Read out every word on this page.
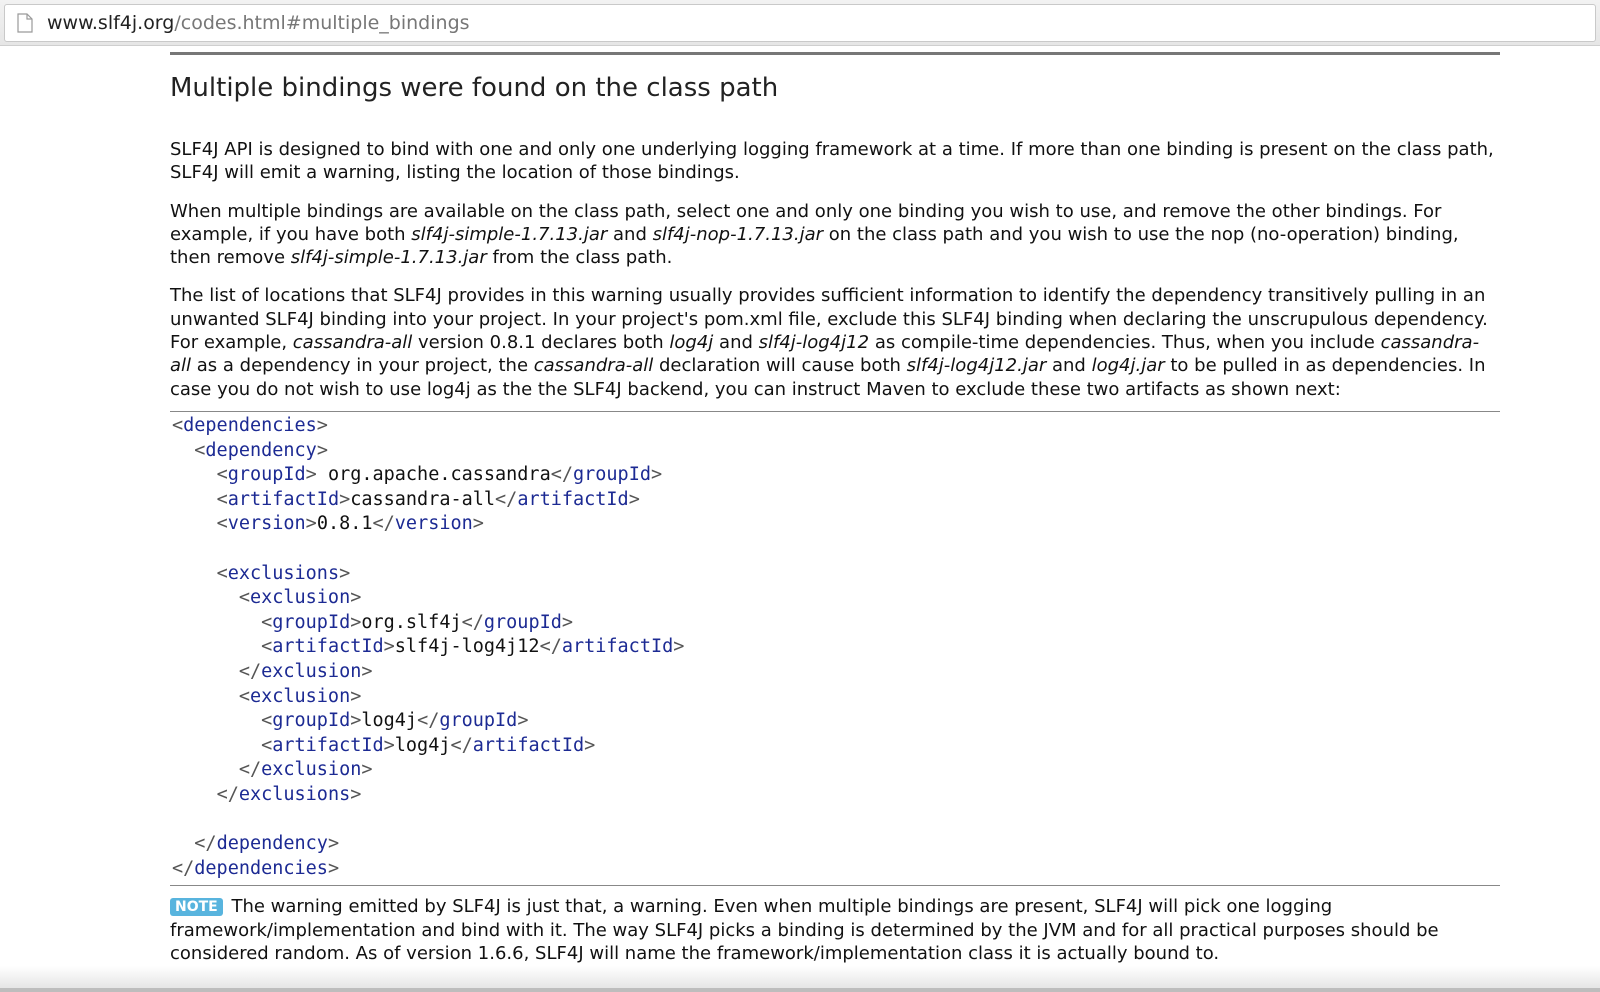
www.slf4j.org/codes.html#multiple_bindings
Multiple bindings were found on the class path

SLF4J API is designed to bind with one and only one underlying logging framework at a time. If more than one binding is present on the class path, SLF4J will emit a warning, listing the location of those bindings.

When multiple bindings are available on the class path, select one and only one binding you wish to use, and remove the other bindings. For example, if you have both slf4j-simple-1.7.13.jar and slf4j-nop-1.7.13.jar on the class path and you wish to use the nop (no-operation) binding, then remove slf4j-simple-1.7.13.jar from the class path.

The list of locations that SLF4J provides in this warning usually provides sufficient information to identify the dependency transitively pulling in an unwanted SLF4J binding into your project. In your project's pom.xml file, exclude this SLF4J binding when declaring the unscrupulous dependency. For example, cassandra-all version 0.8.1 declares both log4j and slf4j-log4j12 as compile-time dependencies. Thus, when you include cassandra-all as a dependency in your project, the cassandra-all declaration will cause both slf4j-log4j12.jar and log4j.jar to be pulled in as dependencies. In case you do not wish to use log4j as the the SLF4J backend, you can instruct Maven to exclude these two artifacts as shown next:

<dependencies>
<dependency>
<groupId> org.apache.cassandra</groupId>
<artifactId>cassandra-all</artifactId>
<version>0.8.1</version>

<exclusions>
<exclusion>
<groupId>org.slf4j</groupId>
<artifactId>slf4j-log4j12</artifactId>
</exclusion>
<exclusion>
<groupId>log4j</groupId>
<artifactId>log4j</artifactId>
</exclusion>
</exclusions>

</dependency>
</dependencies>

NOTE The warning emitted by SLF4J is just that, a warning. Even when multiple bindings are present, SLF4J will pick one logging framework/implementation and bind with it. The way SLF4J picks a binding is determined by the JVM and for all practical purposes should be considered random. As of version 1.6.6, SLF4J will name the framework/implementation class it is actually bound to.
